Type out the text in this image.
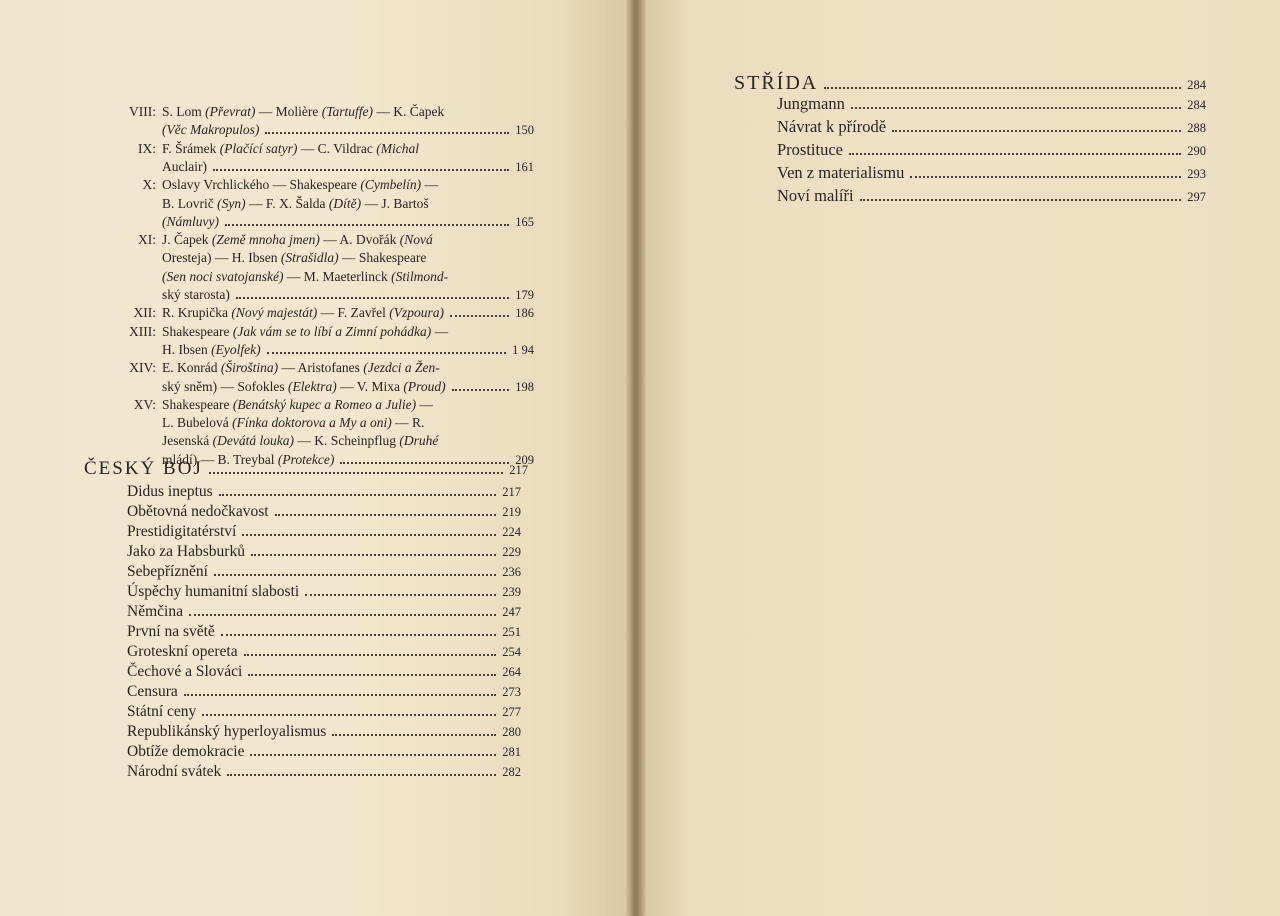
VIII: S. Lom (Převrat) — Molière (Tartuffe) — K. Čapek
(Věc Makropulos)	150
IX: F. Šrámek (Plačící satyr) — C. Vildrac (Michal
Auclair)	161
X: Oslavy Vrchlického — Shakespeare (Cymbelín) —
B. Lovrič (Syn) — F. X. Šalda (Dítě) — J. Bartoš
(Námluvy)	165
XI: J. Čapek (Země mnoha jmen) — A. Dvořák (Nová
Oresteja) — H. Ibsen (Strašidla) — Shakespeare
(Sen noci svatojanské) — M. Maeterlinck (Stilmond-
ský starosta)	179
XII: R. Krupička (Nový majestát) — F. Zavřel (Vzpoura)	186
XIII: Shakespeare (Jak vám se to líbí a Zimní pohádka) —
H. Ibsen (Eyolfek)	1 94
XIV: E. Konrád (Široština) — Aristofanes (Jezdci a Žen-
ský sněm) — Sofokles (Elektra) — V. Mixa (Proud)	198
XV: Shakespeare (Benátský kupec a Romeo a Julie) —
L. Bubelová (Fínka doktorova a My a oni) — R.
Jesenská (Devátá louka) — K. Scheinpflug (Druhé
mládí) — B. Treybal (Protekce)	209
ČESKÝ BOJ	217
Didus ineptus	217
Obětovná nedočkavost	219
Prestidigitatérství	224
Jako za Habsburků	229
Sebepříznění	236
Úspěchy humanitní slabosti	239
Němčina	247
První na světě	251
Groteskní opereta	254
Čechové a Slováci	264
Censura	273
Státní ceny	277
Republikánský hyperloyalismus	280
Obtíže demokracie	281
Národní svátek	282
STŘÍDA	284
Jungmann	284
Návrat k přírodě	288
Prostituce	290
Ven z materialismu	293
Noví malíři	297
